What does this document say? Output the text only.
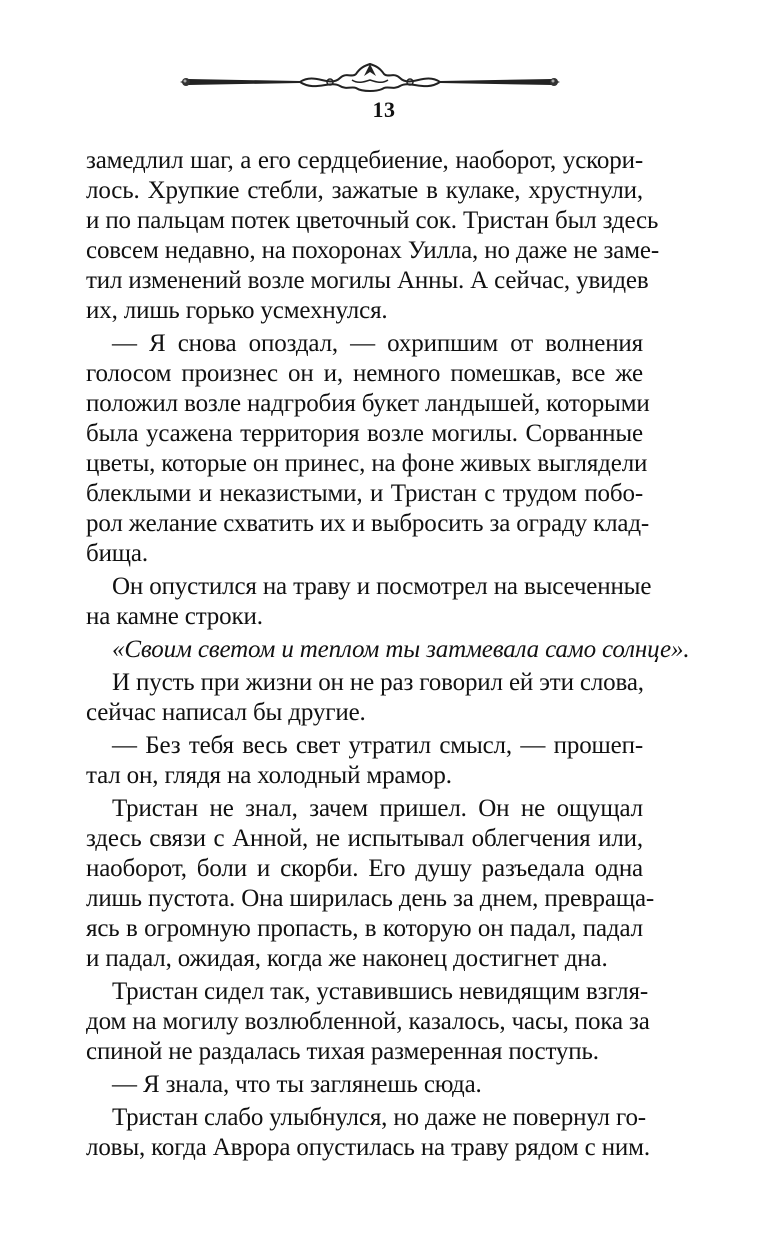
13
замедлил шаг, а его сердцебиение, наоборот, ускори-
лось. Хрупкие стебли, зажатые в кулаке, хрустнули,
и по пальцам потек цветочный сок. Тристан был здесь
совсем недавно, на похоронах Уилла, но даже не заме-
тил изменений возле могилы Анны. А сейчас, увидев
их, лишь горько усмехнулся.
— Я снова опоздал, — охрипшим от волнения
голосом произнес он и, немного помешкав, все же
положил возле надгробия букет ландышей, которыми
была усажена территория возле могилы. Сорванные
цветы, которые он принес, на фоне живых выглядели
блеклыми и неказистыми, и Тристан с трудом побо-
рол желание схватить их и выбросить за ограду клад-
бища.
Он опустился на траву и посмотрел на высеченные
на камне строки.
«Своим светом и теплом ты затмевала само солнце».
И пусть при жизни он не раз говорил ей эти слова,
сейчас написал бы другие.
— Без тебя весь свет утратил смысл, — прошеп-
тал он, глядя на холодный мрамор.
Тристан не знал, зачем пришел. Он не ощущал
здесь связи с Анной, не испытывал облегчения или,
наоборот, боли и скорби. Его душу разъедала одна
лишь пустота. Она ширилась день за днем, превраща-
ясь в огромную пропасть, в которую он падал, падал
и падал, ожидая, когда же наконец достигнет дна.
Тристан сидел так, уставившись невидящим взгля-
дом на могилу возлюбленной, казалось, часы, пока за
спиной не раздалась тихая размеренная поступь.
— Я знала, что ты заглянешь сюда.
Тристан слабо улыбнулся, но даже не повернул го-
ловы, когда Аврора опустилась на траву рядом с ним.
